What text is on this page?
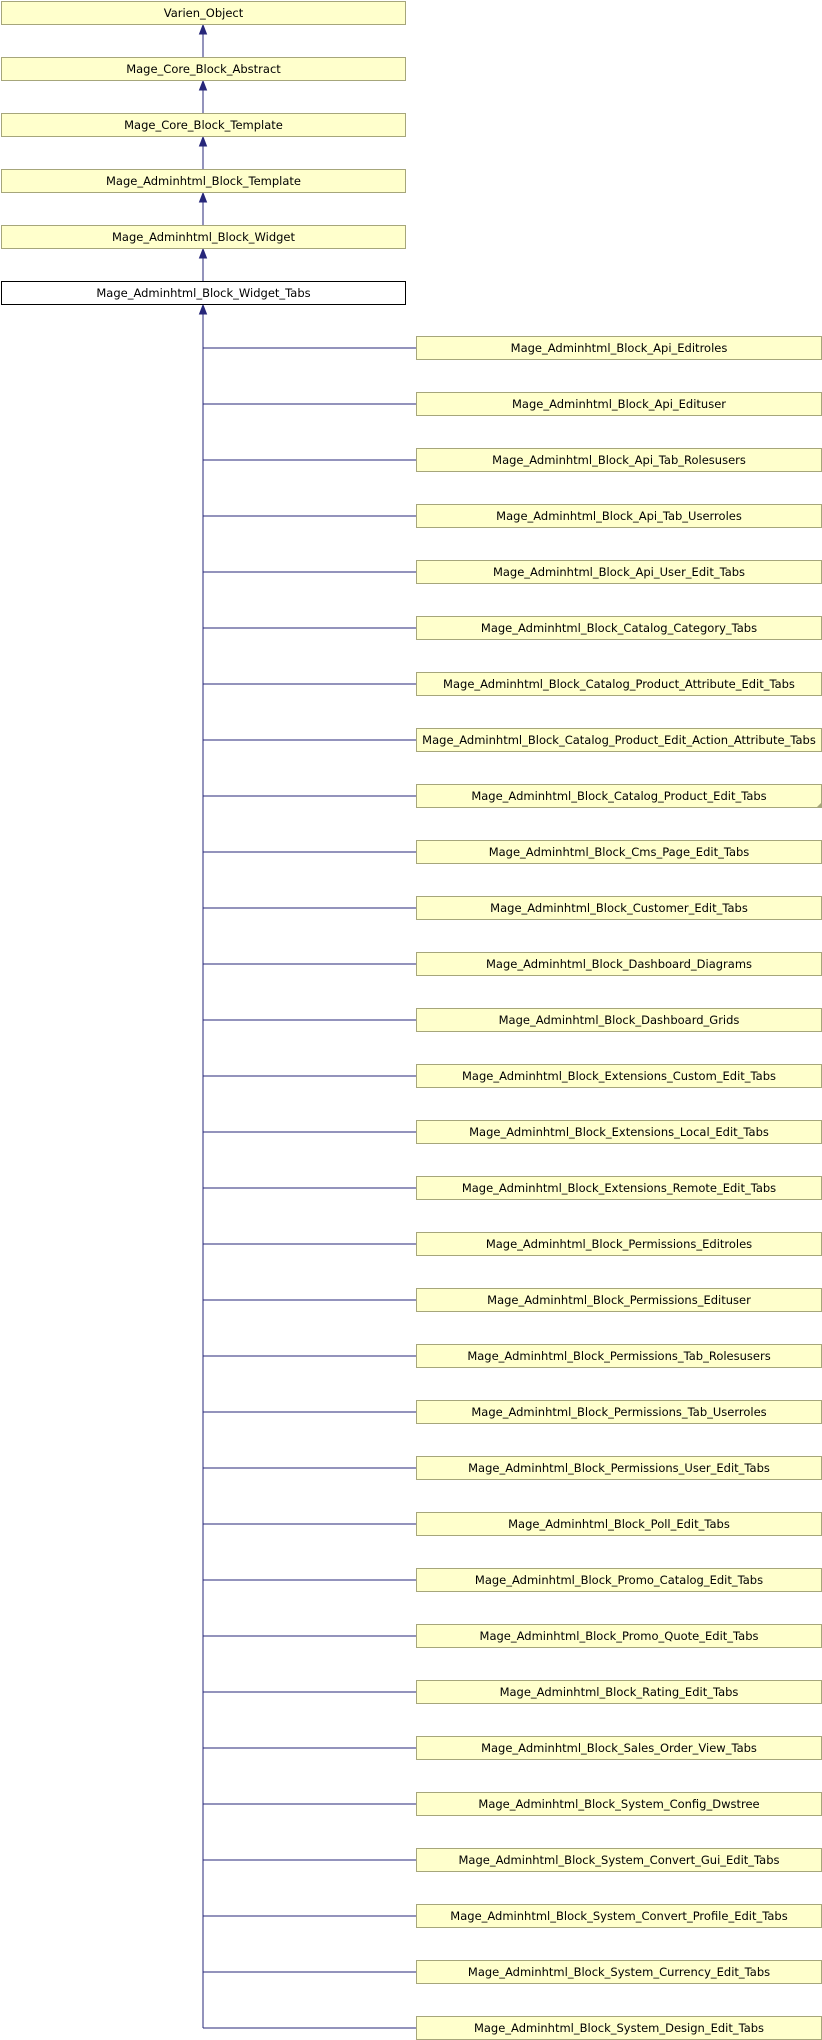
Varien_Object
Mage_Core_Block_Abstract
Mage_Core_Block_Template
Mage_Adminhtml_Block_Template
Mage_Adminhtml_Block_Widget
Mage_Adminhtml_Block_Widget_Tabs
Mage_Adminhtml_Block_Api_Editroles
Mage_Adminhtml_Block_Api_Edituser
Mage_Adminhtml_Block_Api_Tab_Rolesusers
Mage_Adminhtml_Block_Api_Tab_Userroles
Mage_Adminhtml_Block_Api_User_Edit_Tabs
Mage_Adminhtml_Block_Catalog_Category_Tabs
Mage_Adminhtml_Block_Catalog_Product_Attribute_Edit_Tabs
Mage_Adminhtml_Block_Catalog_Product_Edit_Action_Attribute_Tabs
Mage_Adminhtml_Block_Catalog_Product_Edit_Tabs
Mage_Adminhtml_Block_Cms_Page_Edit_Tabs
Mage_Adminhtml_Block_Customer_Edit_Tabs
Mage_Adminhtml_Block_Dashboard_Diagrams
Mage_Adminhtml_Block_Dashboard_Grids
Mage_Adminhtml_Block_Extensions_Custom_Edit_Tabs
Mage_Adminhtml_Block_Extensions_Local_Edit_Tabs
Mage_Adminhtml_Block_Extensions_Remote_Edit_Tabs
Mage_Adminhtml_Block_Permissions_Editroles
Mage_Adminhtml_Block_Permissions_Edituser
Mage_Adminhtml_Block_Permissions_Tab_Rolesusers
Mage_Adminhtml_Block_Permissions_Tab_Userroles
Mage_Adminhtml_Block_Permissions_User_Edit_Tabs
Mage_Adminhtml_Block_Poll_Edit_Tabs
Mage_Adminhtml_Block_Promo_Catalog_Edit_Tabs
Mage_Adminhtml_Block_Promo_Quote_Edit_Tabs
Mage_Adminhtml_Block_Rating_Edit_Tabs
Mage_Adminhtml_Block_Sales_Order_View_Tabs
Mage_Adminhtml_Block_System_Config_Dwstree
Mage_Adminhtml_Block_System_Convert_Gui_Edit_Tabs
Mage_Adminhtml_Block_System_Convert_Profile_Edit_Tabs
Mage_Adminhtml_Block_System_Currency_Edit_Tabs
Mage_Adminhtml_Block_System_Design_Edit_Tabs
